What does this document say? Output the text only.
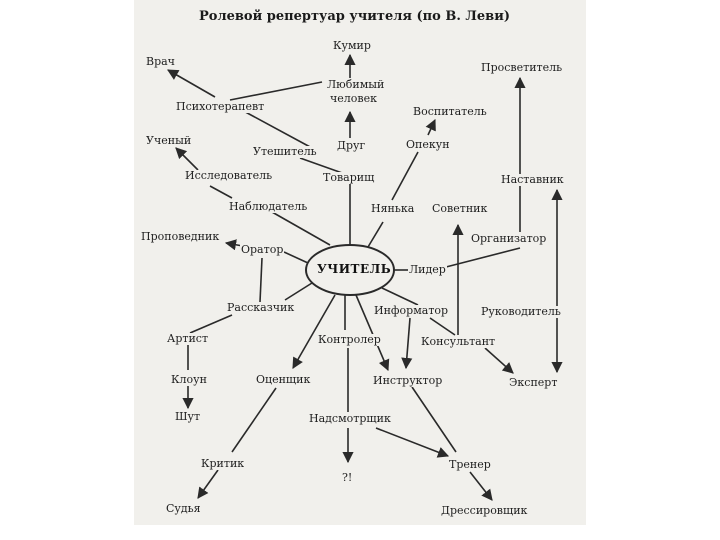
Ролевой репертуар учителя (по В. Леви)
УЧИТЕЛЬ
Кумир
Врач
Любимый
человек
Психотерапевт
Просветитель
Воспитатель
Ученый
Утешитель Друг	Опекун
Исследователь	Товарищ	Наставник
Наблюдатель	Нянька Советник
Организатор
Проповедник
Оратор
Лидер
Рассказчик	Информатор	Руководитель
Артист	Контролер	Консультант
Клоун	Оценщик	Инструктор	Эксперт
Шут	Надсмотрщик
Критик	Тренер
?!
Судья	Дрессировщик
